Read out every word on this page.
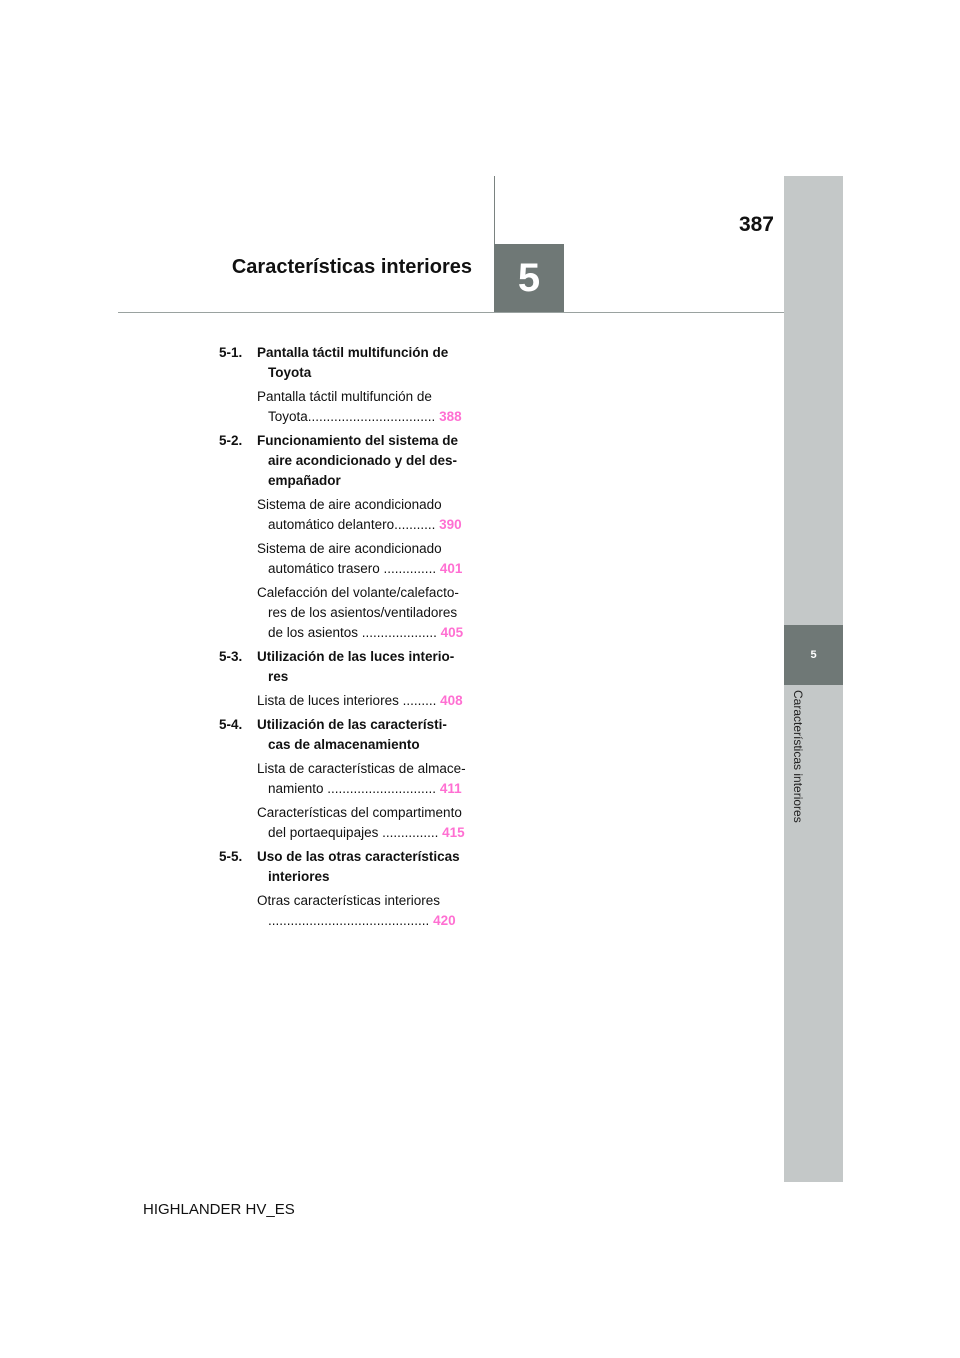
387
Características interiores	5
5
Características interiores
5-1.	Pantalla táctil multifunción de Toyota
Pantalla táctil multifunción de Toyota.................................. 388
5-2.	Funcionamiento del sistema de aire acondicionado y del des-empañador
Sistema de aire acondicionado automático delantero........... 390
Sistema de aire acondicionado automático trasero .............. 401
Calefacción del volante/calefacto-res de los asientos/ventiladores de los asientos .................... 405
5-3.	Utilización de las luces interio-res
Lista de luces interiores ......... 408
5-4.	Utilización de las característi-cas de almacenamiento
Lista de características de almace-namiento ............................. 411
Características del compartimento del portaequipajes ............... 415
5-5.	Uso de las otras características interiores
Otras características interiores ........................................... 420
HIGHLANDER HV_ES
